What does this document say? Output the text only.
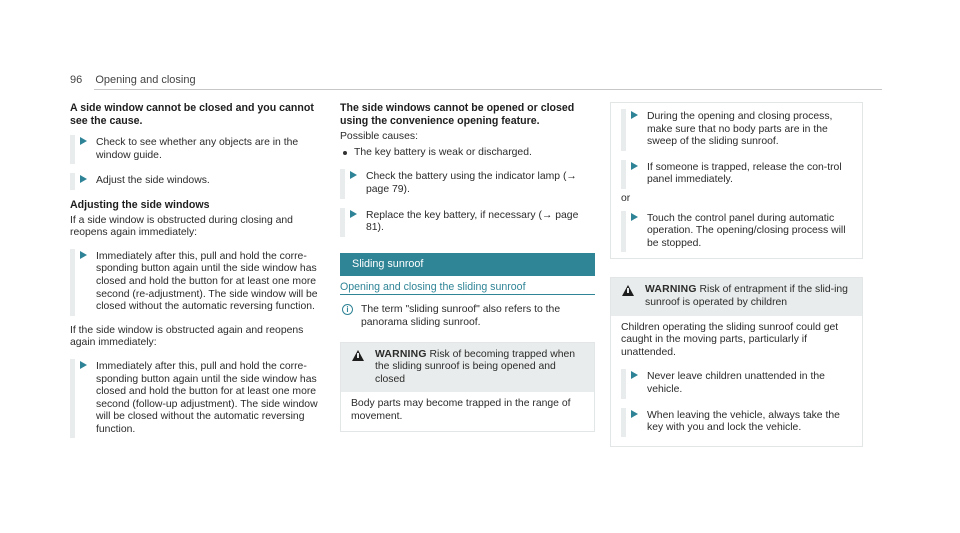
96 Opening and closing
A side window cannot be closed and you cannot see the cause.
Check to see whether any objects are in the window guide.
Adjust the side windows.
Adjusting the side windows

If a side window is obstructed during closing and reopens again immediately:

Immediately after this, pull and hold the corre-sponding button again until the side window has closed and hold the button for at least one more second (re-adjustment). The side window will be closed without the automatic reversing function.

If the side window is obstructed again and reopens again immediately:

Immediately after this, pull and hold the corre-sponding button again until the side window has closed and hold the button for at least one more second (follow-up adjustment). The side window will be closed without the automatic reversing function.
The side windows cannot be opened or closed using the convenience opening feature.

Possible causes:

The key battery is weak or discharged.
Check the battery using the indicator lamp (→ page 79).
Replace the key battery, if necessary (→ page 81).
Sliding sunroof
Opening and closing the sliding sunroof
i	The term "sliding sunroof" also refers to the panorama sliding sunroof.
WARNING Risk of becoming trapped when the sliding sunroof is being opened and closed
Body parts may become trapped in the range of movement.
During the opening and closing process, make sure that no body parts are in the sweep of the sliding sunroof.
If someone is trapped, release the con-trol panel immediately.

or

Touch the control panel during automatic operation. The opening/closing process will be stopped.
WARNING Risk of entrapment if the slid-ing sunroof is operated by children

Children operating the sliding sunroof could get caught in the moving parts, particularly if unattended.

Never leave children unattended in the vehicle.
When leaving the vehicle, always take the key with you and lock the vehicle.
